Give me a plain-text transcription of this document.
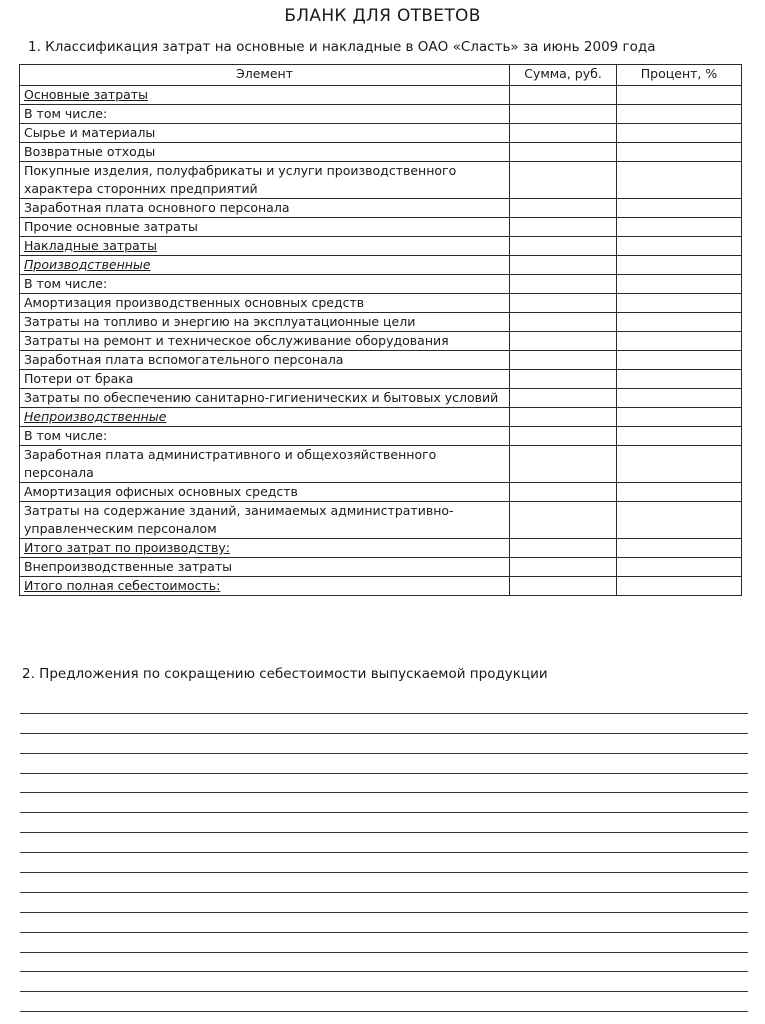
БЛАНК ДЛЯ ОТВЕТОВ
1. Классификация затрат на основные и накладные в ОАО «Сласть» за июнь 2009 года
Элемент	Сумма, руб.	Процент, %
Основные затраты		
В том числе:		
Сырье и материалы		
Возвратные отходы		
Покупные изделия, полуфабрикаты и услуги производственного характера сторонних предприятий		
Заработная плата основного персонала		
Прочие основные затраты		
Накладные затраты		
Производственные		
В том числе:		
Амортизация производственных основных средств		
Затраты на топливо и энергию на эксплуатационные цели		
Затраты на ремонт и техническое обслуживание оборудования		
Заработная плата вспомогательного персонала		
Потери от брака		
Затраты по обеспечению санитарно-гигиенических и бытовых условий		
Непроизводственные		
В том числе:		
Заработная плата административного и общехозяйственного персонала		
Амортизация офисных основных средств		
Затраты на содержание зданий, занимаемых административно-управленческим персоналом		
Итого затрат по производству:		
Внепроизводственные затраты		
Итого полная себестоимость:		
2. Предложения по сокращению себестоимости выпускаемой продукции
